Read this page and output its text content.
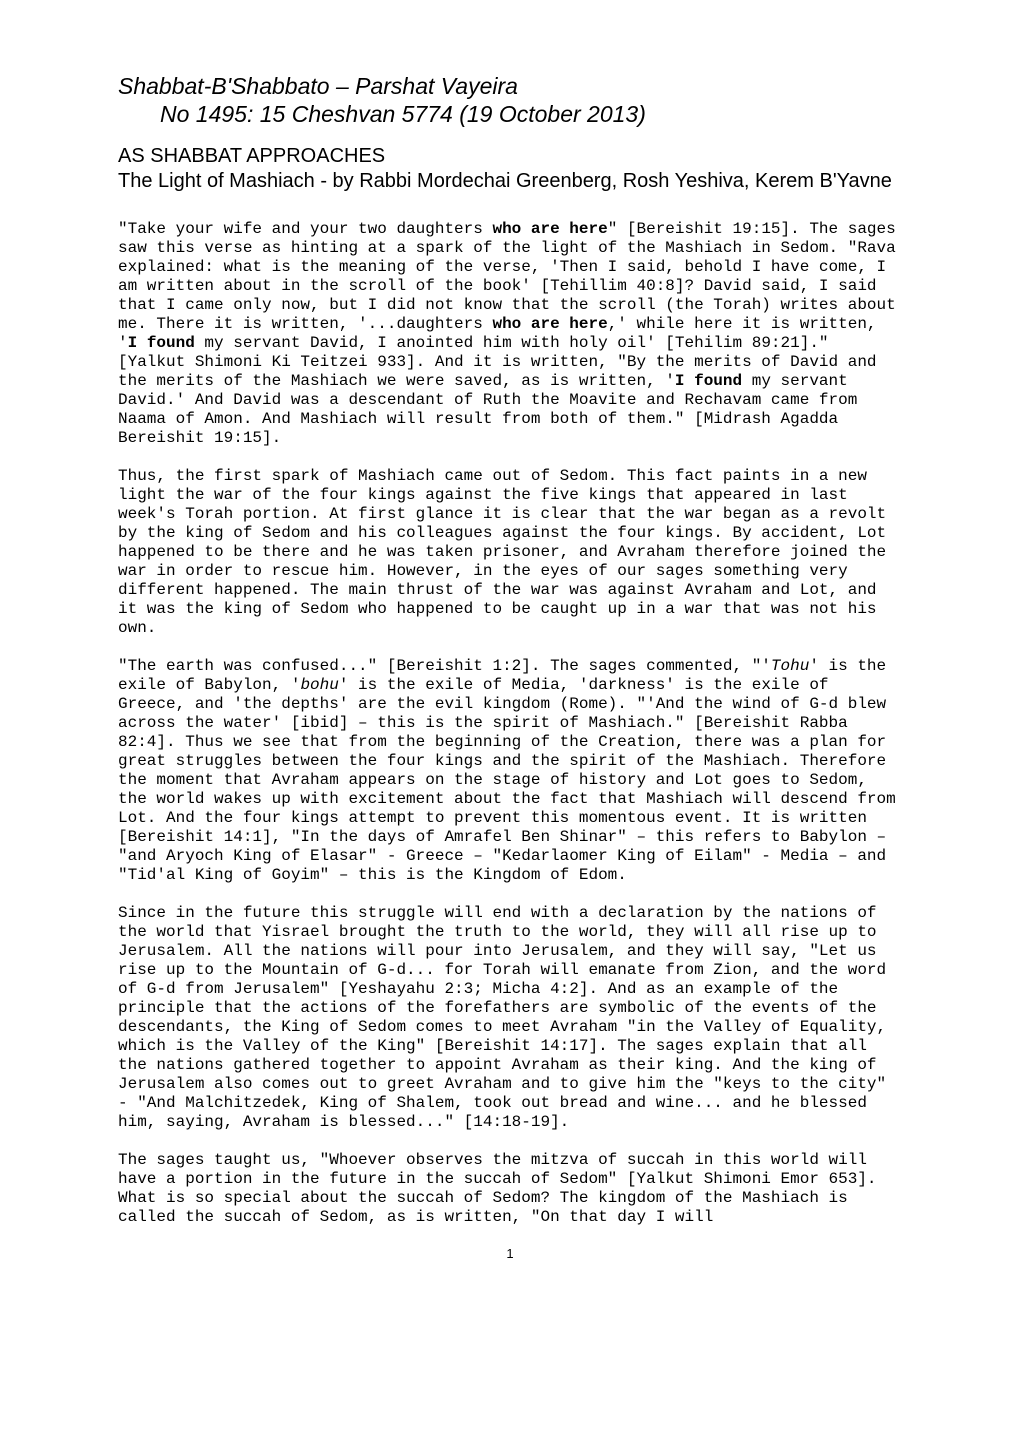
Shabbat-B'Shabbato – Parshat Vayeira
No 1495: 15 Cheshvan 5774 (19 October 2013)
AS SHABBAT APPROACHES
The Light of Mashiach - by Rabbi Mordechai Greenberg, Rosh Yeshiva, Kerem B'Yavne

"Take your wife and your two daughters who are here" [Bereishit 19:15]. The sages saw this verse as hinting at a spark of the light of the Mashiach in Sedom. "Rava explained: what is the meaning of the verse, 'Then I said, behold I have come, I am written about in the scroll of the book' [Tehillim 40:8]? David said, I said that I came only now, but I did not know that the scroll (the Torah) writes about me. There it is written, '...daughters who are here,' while here it is written, 'I found my servant David, I anointed him with holy oil' [Tehilim 89:21]." [Yalkut Shimoni Ki Teitzei 933]. And it is written, "By the merits of David and the merits of the Mashiach we were saved, as is written, 'I found my servant David.' And David was a descendant of Ruth the Moavite and Rechavam came from Naama of Amon. And Mashiach will result from both of them." [Midrash Agadda Bereishit 19:15].

Thus, the first spark of Mashiach came out of Sedom. This fact paints in a new light the war of the four kings against the five kings that appeared in last week's Torah portion. At first glance it is clear that the war began as a revolt by the king of Sedom and his colleagues against the four kings. By accident, Lot happened to be there and he was taken prisoner, and Avraham therefore joined the war in order to rescue him. However, in the eyes of our sages something very different happened. The main thrust of the war was against Avraham and Lot, and it was the king of Sedom who happened to be caught up in a war that was not his own.

"The earth was confused..." [Bereishit 1:2]. The sages commented, "'Tohu' is the exile of Babylon, 'bohu' is the exile of Media, 'darkness' is the exile of Greece, and 'the depths' are the evil kingdom (Rome). "'And the wind of G-d blew across the water' [ibid] – this is the spirit of Mashiach." [Bereishit Rabba 82:4]. Thus we see that from the beginning of the Creation, there was a plan for great struggles between the four kings and the spirit of the Mashiach. Therefore the moment that Avraham appears on the stage of history and Lot goes to Sedom, the world wakes up with excitement about the fact that Mashiach will descend from Lot. And the four kings attempt to prevent this momentous event. It is written [Bereishit 14:1], "In the days of Amrafel Ben Shinar" – this refers to Babylon – "and Aryoch King of Elasar" - Greece – "Kedarlaomer King of Eilam" - Media – and "Tid'al King of Goyim" – this is the Kingdom of Edom.

Since in the future this struggle will end with a declaration by the nations of the world that Yisrael brought the truth to the world, they will all rise up to Jerusalem. All the nations will pour into Jerusalem, and they will say, "Let us rise up to the Mountain of G-d... for Torah will emanate from Zion, and the word of G-d from Jerusalem" [Yeshayahu 2:3; Micha 4:2]. And as an example of the principle that the actions of the forefathers are symbolic of the events of the descendants, the King of Sedom comes to meet Avraham "in the Valley of Equality, which is the Valley of the King" [Bereishit 14:17]. The sages explain that all the nations gathered together to appoint Avraham as their king. And the king of Jerusalem also comes out to greet Avraham and to give him the "keys to the city" - "And Malchitzedek, King of Shalem, took out bread and wine... and he blessed him, saying, Avraham is blessed..." [14:18-19].

The sages taught us, "Whoever observes the mitzva of succah in this world will have a portion in the future in the succah of Sedom" [Yalkut Shimoni Emor 653]. What is so special about the succah of Sedom? The kingdom of the Mashiach is called the succah of Sedom, as is written, "On that day I will

1
